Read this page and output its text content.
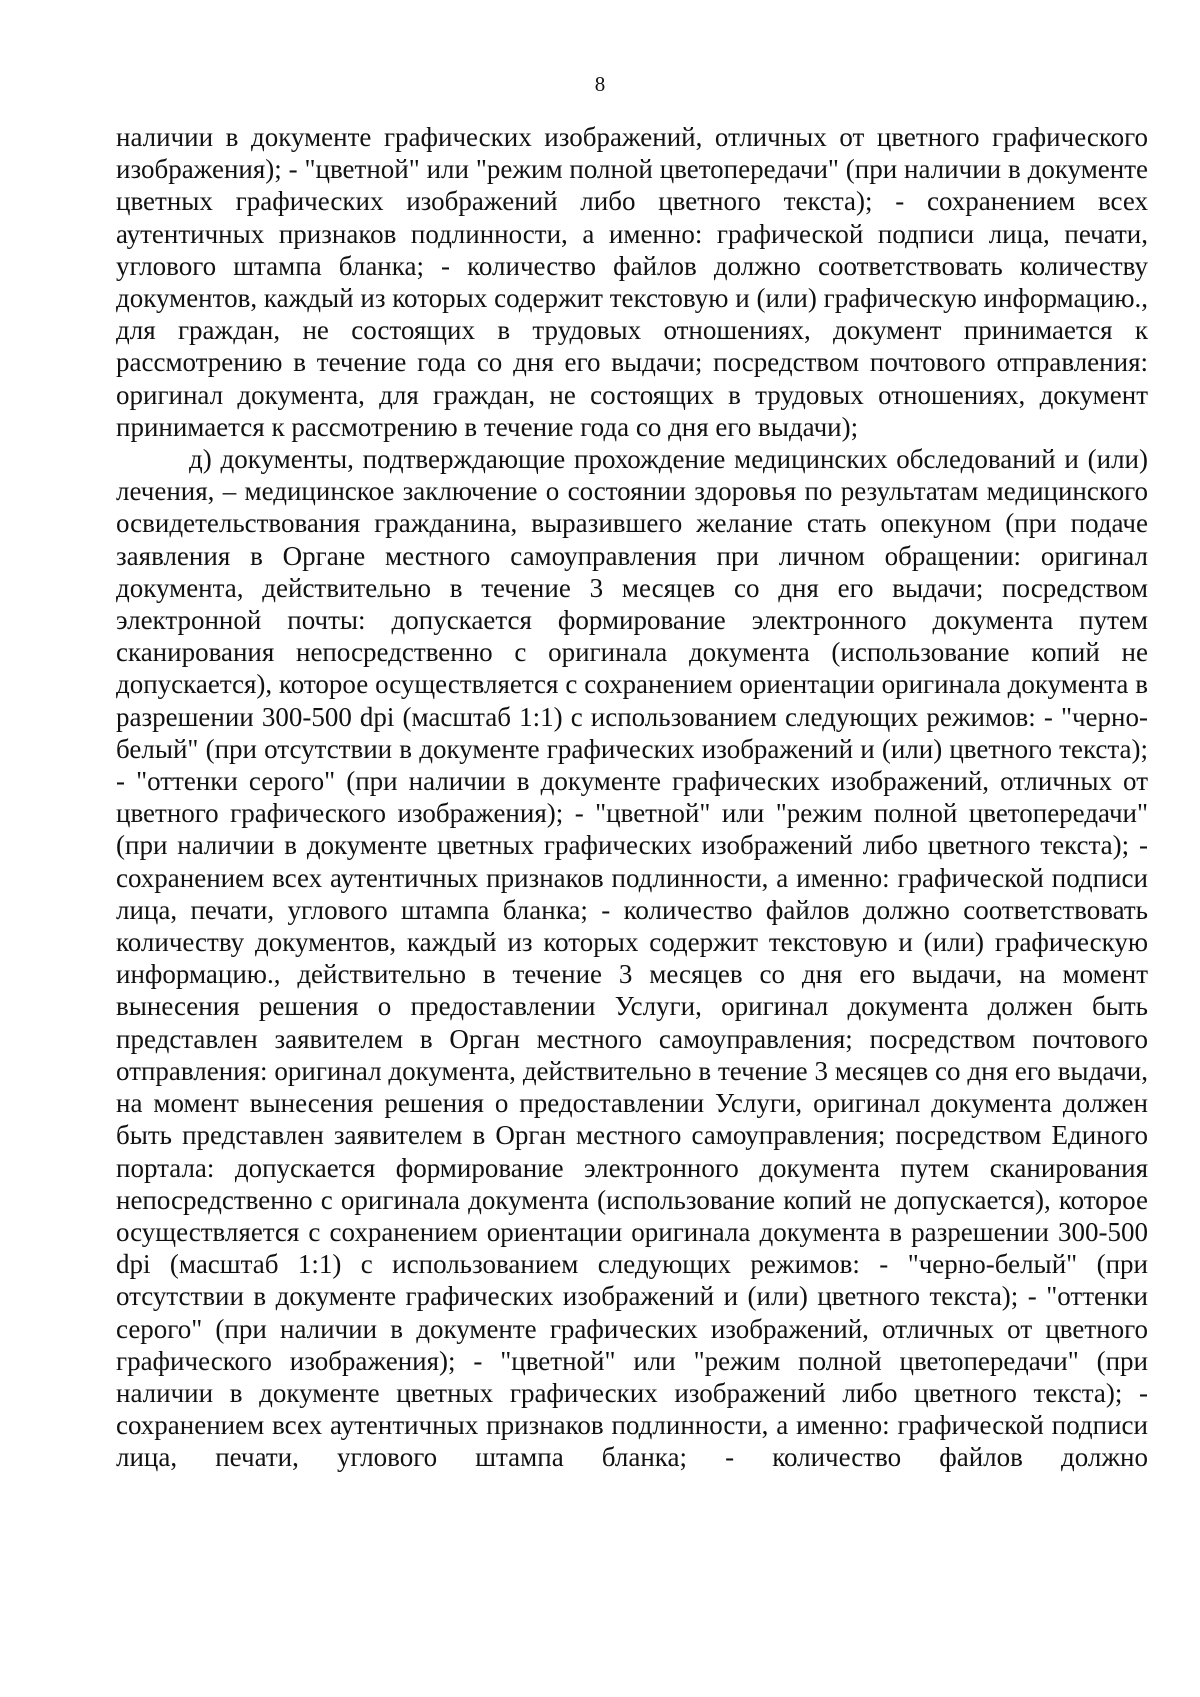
8

наличии в документе графических изображений, отличных от цветного графического изображения); - "цветной" или "режим полной цветопередачи" (при наличии в документе цветных графических изображений либо цветного текста); - сохранением всех аутентичных признаков подлинности, а именно: графической подписи лица, печати, углового штампа бланка; - количество файлов должно соответствовать количеству документов, каждый из которых содержит текстовую и (или) графическую информацию., для граждан, не состоящих в трудовых отношениях, документ принимается к рассмотрению в течение года со дня его выдачи; посредством почтового отправления: оригинал документа, для граждан, не состоящих в трудовых отношениях, документ принимается к рассмотрению в течение года со дня его выдачи);

д) документы, подтверждающие прохождение медицинских обследований и (или) лечения, – медицинское заключение о состоянии здоровья по результатам медицинского освидетельствования гражданина, выразившего желание стать опекуном (при подаче заявления в Органе местного самоуправления при личном обращении: оригинал документа, действительно в течение 3 месяцев со дня его выдачи; посредством электронной почты: допускается формирование электронного документа путем сканирования непосредственно с оригинала документа (использование копий не допускается), которое осуществляется с сохранением ориентации оригинала документа в разрешении 300-500 dpi (масштаб 1:1) с использованием следующих режимов: - "черно-белый" (при отсутствии в документе графических изображений и (или) цветного текста); - "оттенки серого" (при наличии в документе графических изображений, отличных от цветного графического изображения); - "цветной" или "режим полной цветопередачи" (при наличии в документе цветных графических изображений либо цветного текста); - сохранением всех аутентичных признаков подлинности, а именно: графической подписи лица, печати, углового штампа бланка; - количество файлов должно соответствовать количеству документов, каждый из которых содержит текстовую и (или) графическую информацию., действительно в течение 3 месяцев со дня его выдачи, на момент вынесения решения о предоставлении Услуги, оригинал документа должен быть представлен заявителем в Орган местного самоуправления; посредством почтового отправления: оригинал документа, действительно в течение 3 месяцев со дня его выдачи, на момент вынесения решения о предоставлении Услуги, оригинал документа должен быть представлен заявителем в Орган местного самоуправления; посредством Единого портала: допускается формирование электронного документа путем сканирования непосредственно с оригинала документа (использование копий не допускается), которое осуществляется с сохранением ориентации оригинала документа в разрешении 300-500 dpi (масштаб 1:1) с использованием следующих режимов: - "черно-белый" (при отсутствии в документе графических изображений и (или) цветного текста); - "оттенки серого" (при наличии в документе графических изображений, отличных от цветного графического изображения); - "цветной" или "режим полной цветопередачи" (при наличии в документе цветных графических изображений либо цветного текста); - сохранением всех аутентичных признаков подлинности, а именно: графической подписи лица, печати, углового штампа бланка; - количество файлов должно
